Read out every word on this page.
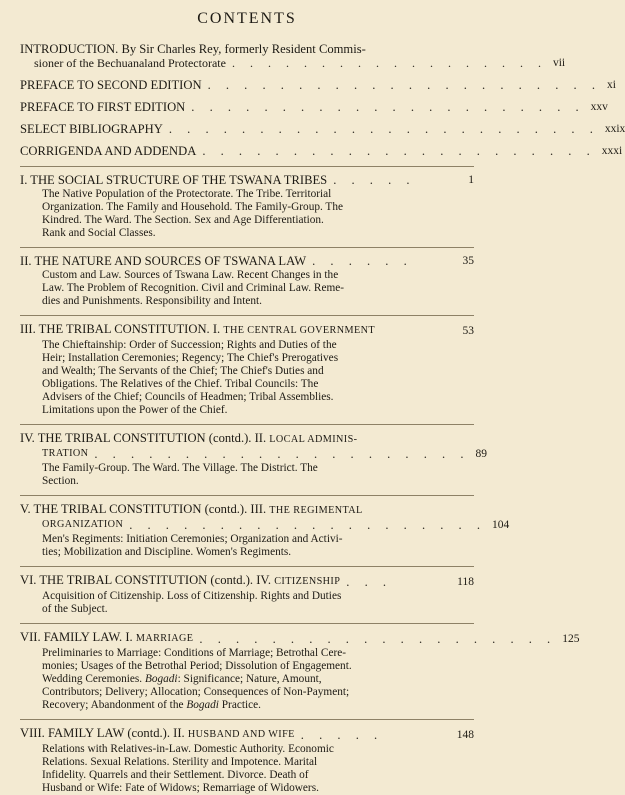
CONTENTS
INTRODUCTION. By Sir Charles Rey, formerly Resident Commis-
sioner of the Bechuanaland Protectorate . . . . . . . . . . . . . . . . . . vii
PREFACE TO SECOND EDITION . . . . . . . . . . . . . . . . . . . . . . xi
PREFACE TO FIRST EDITION . . . . . . . . . . . . . . . . . . . . . . xxv
SELECT BIBLIOGRAPHY . . . . . . . . . . . . . . . . . . . . . . . . xxix
CORRIGENDA AND ADDENDA . . . . . . . . . . . . . . . . . . . . . . xxxi
I. THE SOCIAL STRUCTURE OF THE TSWANA TRIBES . . . . .	1
The Native Population of the Protectorate. The Tribe. Territorial
Organization. The Family and Household. The Family-Group. The
Kindred. The Ward. The Section. Sex and Age Differentiation.
Rank and Social Classes.
II. THE NATURE AND SOURCES OF TSWANA LAW . . . . . .	35
Custom and Law. Sources of Tswana Law. Recent Changes in the
Law. The Problem of Recognition. Civil and Criminal Law. Reme-
dies and Punishments. Responsibility and Intent.
III. THE TRIBAL CONSTITUTION. I. THE CENTRAL GOVERNMENT	53
The Chieftainship: Order of Succession; Rights and Duties of the
Heir; Installation Ceremonies; Regency; The Chief's Prerogatives
and Wealth; The Servants of the Chief; The Chief's Duties and
Obligations. The Relatives of the Chief. Tribal Councils: The
Advisers of the Chief; Councils of Headmen; Tribal Assemblies.
Limitations upon the Power of the Chief.
IV. THE TRIBAL CONSTITUTION (contd.). II. LOCAL ADMINIS-
TRATION . . . . . . . . . . . . . . . . . . . . . 89
The Family-Group. The Ward. The Village. The District. The
Section.
V. THE TRIBAL CONSTITUTION (contd.). III. THE REGIMENTAL
ORGANIZATION . . . . . . . . . . . . . . . . . . . . 104
Men's Regiments: Initiation Ceremonies; Organization and Activi-
ties; Mobilization and Discipline. Women's Regiments.
VI. THE TRIBAL CONSTITUTION (contd.). IV. CITIZENSHIP . . .	118
Acquisition of Citizenship. Loss of Citizenship. Rights and Duties
of the Subject.
VII. FAMILY LAW. I. MARRIAGE . . . . . . . . . . . . . . . . . . . . 125
Preliminaries to Marriage: Conditions of Marriage; Betrothal Cere-
monies; Usages of the Betrothal Period; Dissolution of Engagement.
Wedding Ceremonies. Bogadi: Significance; Nature, Amount,
Contributors; Delivery; Allocation; Consequences of Non-Payment;
Recovery; Abandonment of the Bogadi Practice.
VIII. FAMILY LAW (contd.). II. HUSBAND AND WIFE . . . . .	148
Relations with Relatives-in-Law. Domestic Authority. Economic
Relations. Sexual Relations. Sterility and Impotence. Marital
Infidelity. Quarrels and their Settlement. Divorce. Death of
Husband or Wife: Fate of Widows; Remarriage of Widowers.
